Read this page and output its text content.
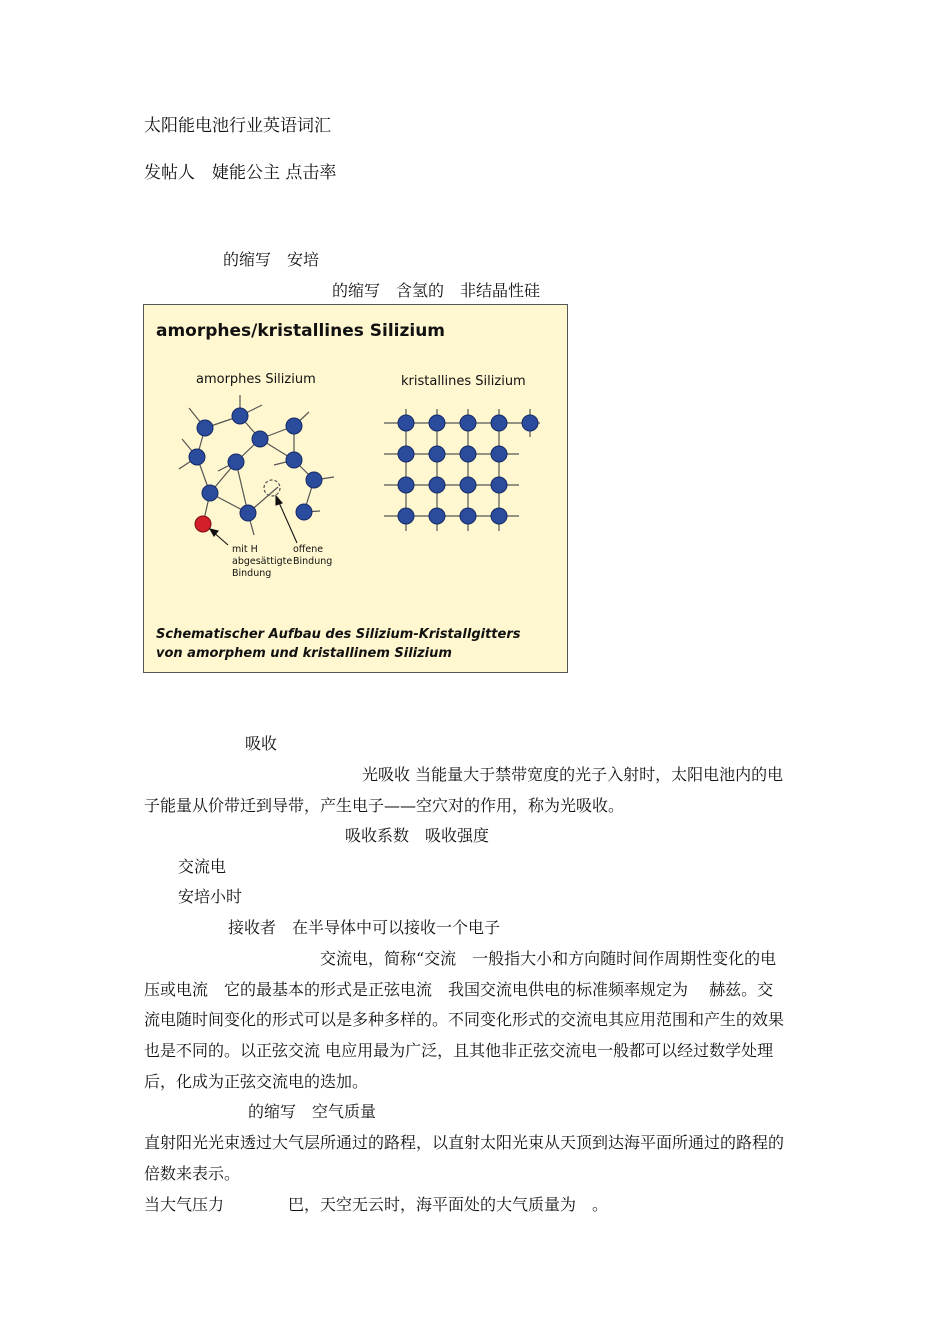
太阳能电池行业英语词汇
发帖人　婕能公主 点击率
的缩写　安培
的缩写　含氢的　非结晶性硅
amorphes/kristallines Silizium
amorphes Silizium	kristallines Silizium
mit H
abgesättigte
Bindung
offene
Bindung
Schematischer Aufbau des Silizium-Kristallgitters
von amorphem und kristallinem Silizium
吸收
光吸收 当能量大于禁带宽度的光子入射时，太阳电池内的电
子能量从价带迁到导带，产生电子——空穴对的作用，称为光吸收。
吸收系数　吸收强度
交流电
安培小时
接收者　在半导体中可以接收一个电子
交流电，简称“交流　一般指大小和方向随时间作周期性变化的电
压或电流　它的最基本的形式是正弦电流　我国交流电供电的标准频率规定为　 赫兹。交
流电随时间变化的形式可以是多种多样的。不同变化形式的交流电其应用范围和产生的效果
也是不同的。以正弦交流 电应用最为广泛，且其他非正弦交流电一般都可以经过数学处理
后，化成为正弦交流电的迭加。
的缩写　空气质量
直射阳光光束透过大气层所通过的路程，以直射太阳光束从天顶到达海平面所通过的路程的
倍数来表示。
当大气压力　　　　巴，天空无云时，海平面处的大气质量为　。
